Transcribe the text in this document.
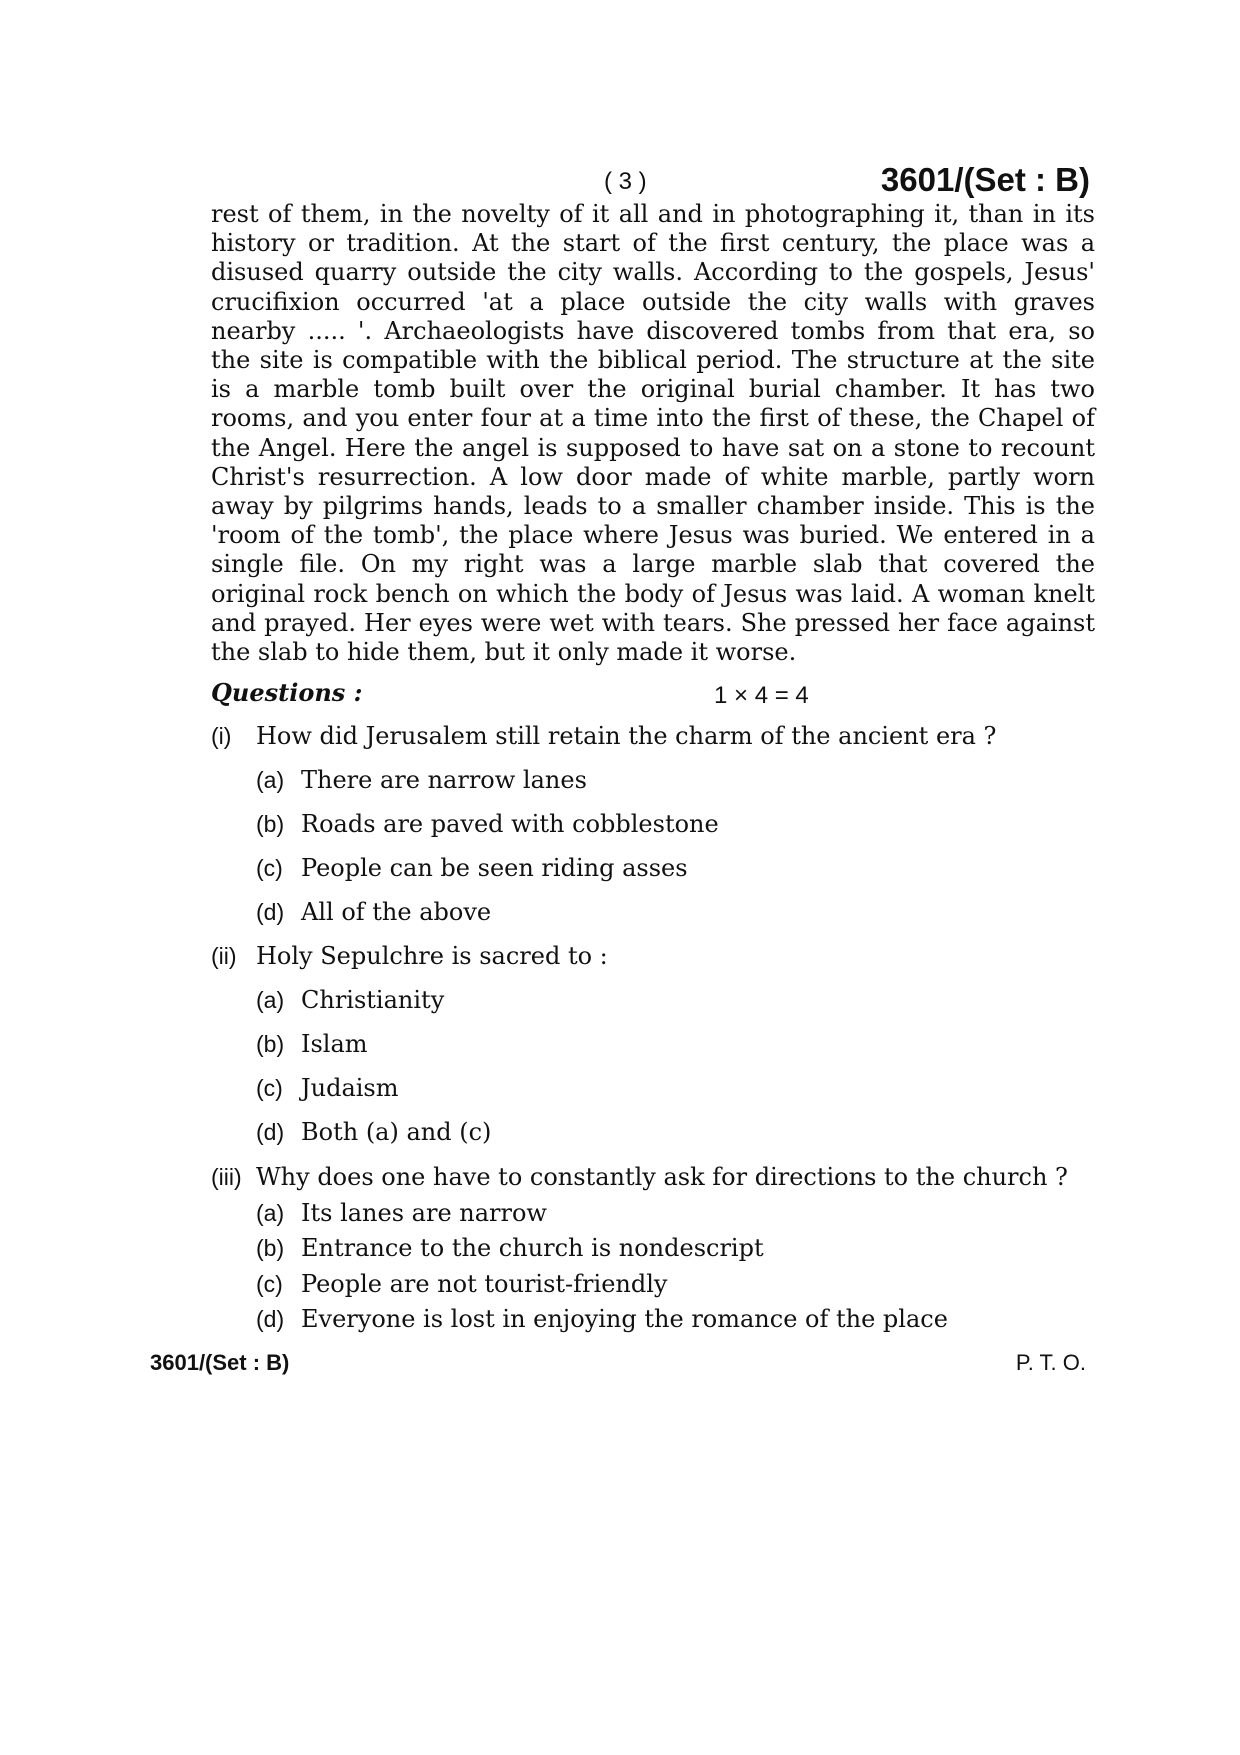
( 3 )	3601/(Set : B)

rest of them, in the novelty of it all and in photographing it, than in its history or tradition. At the start of the first century, the place was a disused quarry outside the city walls. According to the gospels, Jesus' crucifixion occurred 'at a place outside the city walls with graves nearby ..... '. Archaeologists have discovered tombs from that era, so the site is compatible with the biblical period. The structure at the site is a marble tomb built over the original burial chamber. It has two rooms, and you enter four at a time into the first of these, the Chapel of the Angel. Here the angel is supposed to have sat on a stone to recount Christ's resurrection. A low door made of white marble, partly worn away by pilgrims hands, leads to a smaller chamber inside. This is the 'room of the tomb', the place where Jesus was buried. We entered in a single file. On my right was a large marble slab that covered the original rock bench on which the body of Jesus was laid. A woman knelt and prayed. Her eyes were wet with tears. She pressed her face against the slab to hide them, but it only made it worse.

Questions :	1 × 4 = 4
(i) How did Jerusalem still retain the charm of the ancient era ?
(a) There are narrow lanes
(b) Roads are paved with cobblestone
(c) People can be seen riding asses
(d) All of the above
(ii) Holy Sepulchre is sacred to :
(a) Christianity
(b) Islam
(c) Judaism
(d) Both (a) and (c)
(iii) Why does one have to constantly ask for directions to the church ?
(a) Its lanes are narrow
(b) Entrance to the church is nondescript
(c) People are not tourist-friendly
(d) Everyone is lost in enjoying the romance of the place
3601/(Set : B)	P. T. O.
